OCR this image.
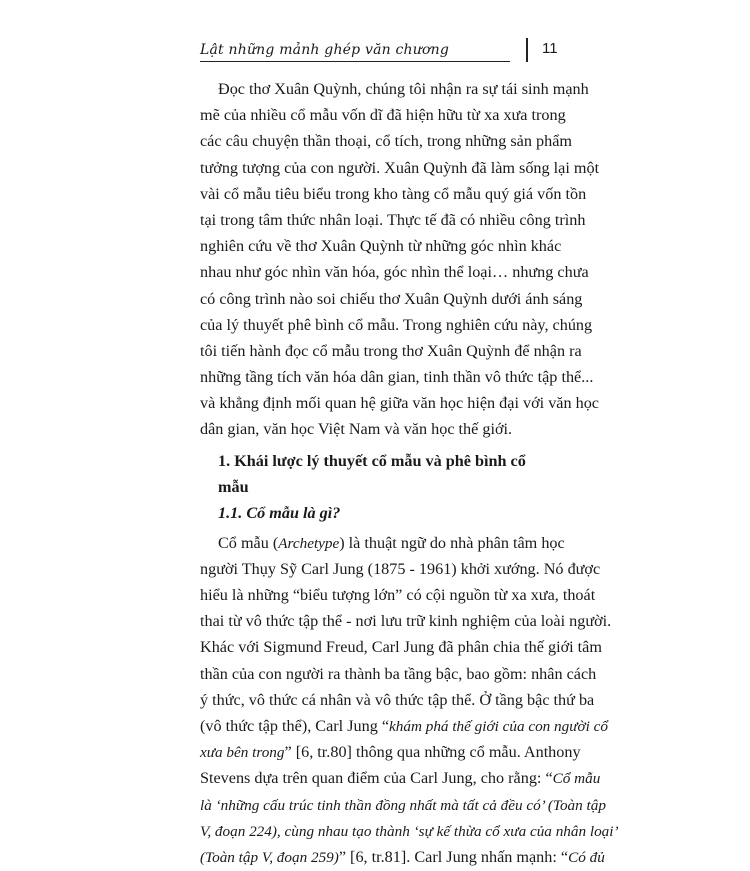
Lật những mảnh ghép văn chương	11
Đọc thơ Xuân Quỳnh, chúng tôi nhận ra sự tái sinh mạnh
mẽ của nhiều cổ mẫu vốn dĩ đã hiện hữu từ xa xưa trong
các câu chuyện thần thoại, cổ tích, trong những sản phẩm
tưởng tượng của con người. Xuân Quỳnh đã làm sống lại một
vài cổ mẫu tiêu biểu trong kho tàng cổ mẫu quý giá vốn tồn
tại trong tâm thức nhân loại. Thực tế đã có nhiều công trình
nghiên cứu về thơ Xuân Quỳnh từ những góc nhìn khác
nhau như góc nhìn văn hóa, góc nhìn thể loại… nhưng chưa
có công trình nào soi chiếu thơ Xuân Quỳnh dưới ánh sáng
của lý thuyết phê bình cổ mẫu. Trong nghiên cứu này, chúng
tôi tiến hành đọc cổ mẫu trong thơ Xuân Quỳnh để nhận ra
những tầng tích văn hóa dân gian, tinh thần vô thức tập thể...
và khẳng định mối quan hệ giữa văn học hiện đại với văn học
dân gian, văn học Việt Nam và văn học thế giới.
1. Khái lược lý thuyết cổ mẫu và phê bình cổ mẫu
1.1. Cổ mẫu là gì?
Cổ mẫu (Archetype) là thuật ngữ do nhà phân tâm học
người Thụy Sỹ Carl Jung (1875 - 1961) khởi xướng. Nó được
hiểu là những “biểu tượng lớn” có cội nguồn từ xa xưa, thoát
thai từ vô thức tập thể - nơi lưu trữ kinh nghiệm của loài người.
Khác với Sigmund Freud, Carl Jung đã phân chia thế giới tâm
thần của con người ra thành ba tầng bậc, bao gồm: nhân cách
ý thức, vô thức cá nhân và vô thức tập thể. Ở tầng bậc thứ ba
(vô thức tập thể), Carl Jung “khám phá thế giới của con người cổ
xưa bên trong” [6, tr.80] thông qua những cổ mẫu. Anthony
Stevens dựa trên quan điểm của Carl Jung, cho rằng: “Cổ mẫu
là ‘những cấu trúc tinh thần đồng nhất mà tất cả đều có’ (Toàn tập
V, đoạn 224), cùng nhau tạo thành ‘sự kế thừa cổ xưa của nhân loại’
(Toàn tập V, đoạn 259)” [6, tr.81]. Carl Jung nhấn mạnh: “Có đủ
